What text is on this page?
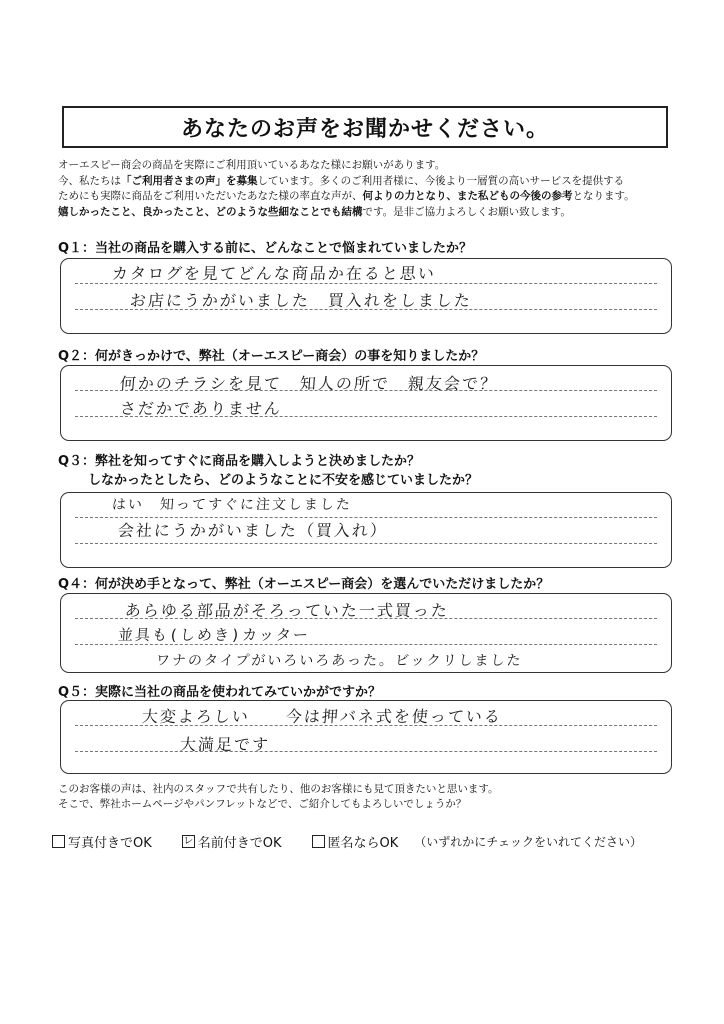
あなたのお声をお聞かせください。
オーエスピー商会の商品を実際にご利用頂いているあなた様にお願いがあります。
今、私たちは「ご利用者さまの声」を募集しています。多くのご利用者様に、今後より一層質の高いサービスを提供する
ためにも実際に商品をご利用いただいたあなた様の率直な声が、何よりの力となり、また私どもの今後の参考となります。
嬉しかったこと、良かったこと、どのような些細なことでも結構です。是非ご協力よろしくお願い致します。
Q１：当社の商品を購入する前に、どんなことで悩まれていましたか？
カタログを見てどんな商品か在ると思い
お店にうかがいました　買入れをしました
Q２：何がきっかけで、弊社（オーエスピー商会）の事を知りましたか？
何かのチラシを見て　知人の所で　親友会で？
さだかでありません
Q３：弊社を知ってすぐに商品を購入しようと決めましたか？
しなかったとしたら、どのようなことに不安を感じていましたか？
はい　知ってすぐに注文しました
会社にうかがいました（買入れ）
Q４：何が決め手となって、弊社（オーエスピー商会）を選んでいただけましたか？
あらゆる部品がそろっていた一式買った
並具も(しめき)カッター
ワナのタイプがいろいろあった。ビックリしました
Q５：実際に当社の商品を使われてみていかがですか？
大変よろしい　　今は押バネ式を使っている
大満足です
このお客様の声は、社内のスタッフで共有したり、他のお客様にも見て頂きたいと思います。
そこで、弊社ホームページやパンフレットなどで、ご紹介してもよろしいでしょうか？
写真付きでOK	レ 名前付きでOK	匿名ならOK （いずれかにチェックをいれてください）
